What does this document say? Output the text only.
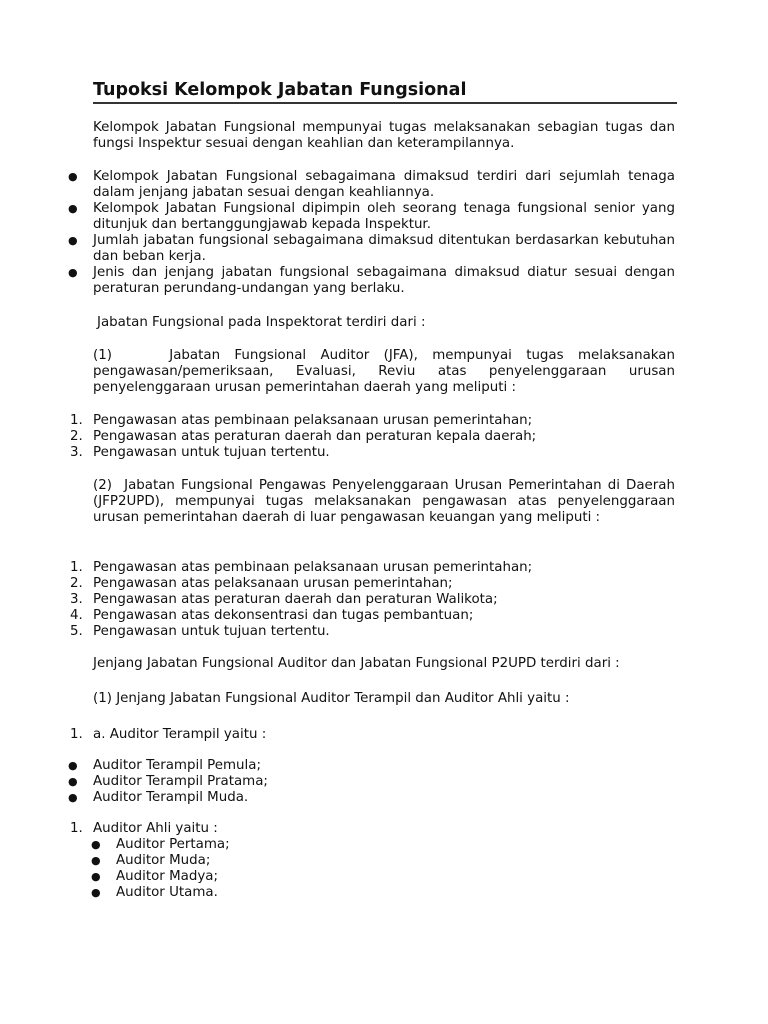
Tupoksi Kelompok Jabatan Fungsional
Kelompok Jabatan Fungsional mempunyai tugas melaksanakan sebagian tugas dan fungsi Inspektur sesuai dengan keahlian dan keterampilannya.
● Kelompok Jabatan Fungsional sebagaimana dimaksud terdiri dari sejumlah tenaga dalam jenjang jabatan sesuai dengan keahliannya.
● Kelompok Jabatan Fungsional dipimpin oleh seorang tenaga fungsional senior yang ditunjuk dan bertanggungjawab kepada Inspektur.
● Jumlah jabatan fungsional sebagaimana dimaksud ditentukan berdasarkan kebutuhan dan beban kerja.
● Jenis dan jenjang jabatan fungsional sebagaimana dimaksud diatur sesuai dengan peraturan perundang-undangan yang berlaku.
Jabatan Fungsional pada Inspektorat terdiri dari :
(1)    Jabatan Fungsional Auditor (JFA), mempunyai tugas melaksanakan pengawasan/pemeriksaan, Evaluasi, Reviu atas penyelenggaraan urusan penyelenggaraan urusan pemerintahan daerah yang meliputi :
1. Pengawasan atas pembinaan pelaksanaan urusan pemerintahan;
2. Pengawasan atas peraturan daerah dan peraturan kepala daerah;
3. Pengawasan untuk tujuan tertentu.
(2)  Jabatan Fungsional Pengawas Penyelenggaraan Urusan Pemerintahan di Daerah (JFP2UPD), mempunyai tugas melaksanakan pengawasan atas penyelenggaraan urusan pemerintahan daerah di luar pengawasan keuangan yang meliputi :
1. Pengawasan atas pembinaan pelaksanaan urusan pemerintahan;
2. Pengawasan atas pelaksanaan urusan pemerintahan;
3. Pengawasan atas peraturan daerah dan peraturan Walikota;
4. Pengawasan atas dekonsentrasi dan tugas pembantuan;
5. Pengawasan untuk tujuan tertentu.
Jenjang Jabatan Fungsional Auditor dan Jabatan Fungsional P2UPD terdiri dari :
(1) Jenjang Jabatan Fungsional Auditor Terampil dan Auditor Ahli yaitu :
1. a. Auditor Terampil yaitu :
● Auditor Terampil Pemula;
● Auditor Terampil Pratama;
● Auditor Terampil Muda.
1. Auditor Ahli yaitu :
● Auditor Pertama;
● Auditor Muda;
● Auditor Madya;
● Auditor Utama.
